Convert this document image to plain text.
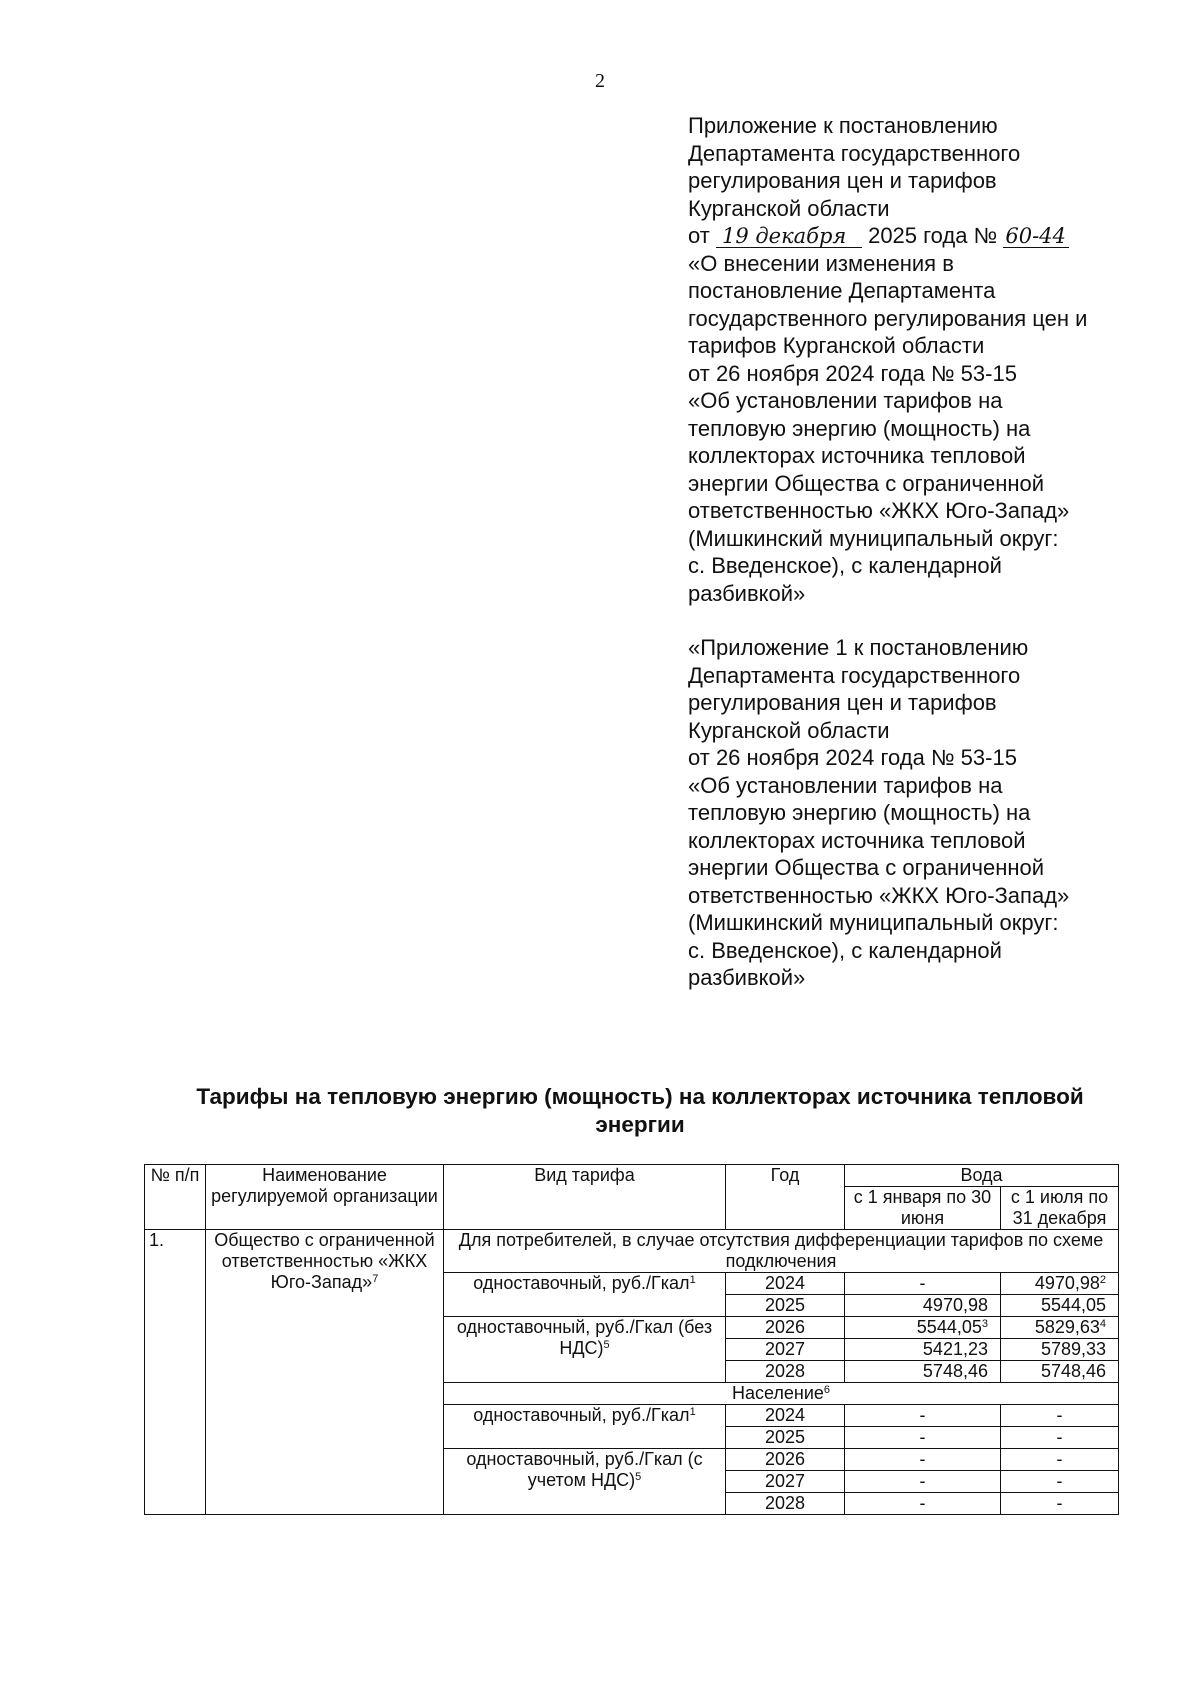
2
Приложение к постановлению
Департамента государственного
регулирования цен и тарифов
Курганской области
от 19 декабря 2025 года № 60-44
«О внесении изменения в
постановление Департамента
государственного регулирования цен и
тарифов Курганской области
от 26 ноября 2024 года № 53-15
«Об установлении тарифов на
тепловую энергию (мощность) на
коллекторах источника тепловой
энергии Общества с ограниченной
ответственностью «ЖКХ Юго-Запад»
(Мишкинский муниципальный округ:
с. Введенское), с календарной
разбивкой»
«Приложение 1 к постановлению
Департамента государственного
регулирования цен и тарифов
Курганской области
от 26 ноября 2024 года № 53-15
«Об установлении тарифов на
тепловую энергию (мощность) на
коллекторах источника тепловой
энергии Общества с ограниченной
ответственностью «ЖКХ Юго-Запад»
(Мишкинский муниципальный округ:
с. Введенское), с календарной
разбивкой»
Тарифы на тепловую энергию (мощность) на коллекторах источника тепловой
энергии
№ п/п	Наименование регулируемой организации	Вид тарифа	Год	Вода	
				с 1 января по 30 июня	с 1 июля по 31 декабря
1.	Общество с ограниченной ответственностью «ЖКХ Юго-Запад»$^7$	Для потребителей, в случае отсутствия дифференциации тарифов по схеме подключения			
		одноставочный, руб./Гкал$^1$	2024	-	4970,98$^2$
			2025	4970,98	5544,05
		одноставочный, руб./Гкал (без НДС)$^5$	2026	5544,05$^3$	5829,63$^4$
			2027	5421,23	5789,33
			2028	5748,46	5748,46
		Население$^6$
		одноставочный, руб./Гкал$^1$	2024	-	-
			2025	-	-
		одноставочный, руб./Гкал (с учетом НДС)$^5$	2026	-	-
			2027	-	-
			2028	-	-
